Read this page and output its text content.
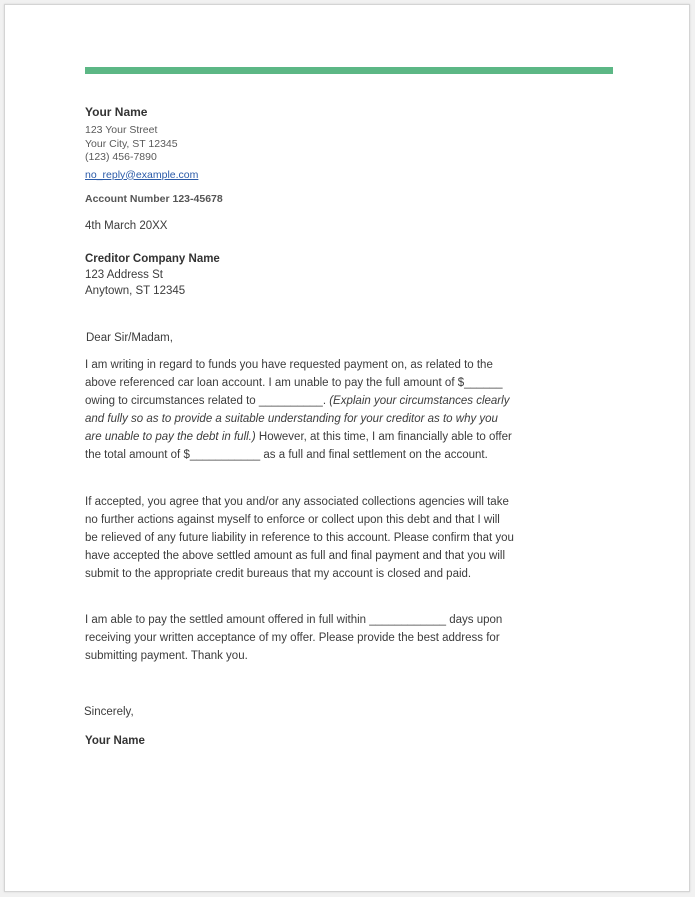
Your Name
123 Your Street
Your City, ST 12345
(123) 456-7890
no_reply@example.com
Account Number 123-45678
4th March 20XX
Creditor Company Name
123 Address St
Anytown, ST 12345
Dear Sir/Madam,
I am writing in regard to funds you have requested payment on, as related to the above referenced car loan account. I am unable to pay the full amount of $______ owing to circumstances related to __________. (Explain your circumstances clearly and fully so as to provide a suitable understanding for your creditor as to why you are unable to pay the debt in full.) However, at this time, I am financially able to offer the total amount of $___________ as a full and final settlement on the account.
If accepted, you agree that you and/or any associated collections agencies will take no further actions against myself to enforce or collect upon this debt and that I will be relieved of any future liability in reference to this account. Please confirm that you have accepted the above settled amount as full and final payment and that you will submit to the appropriate credit bureaus that my account is closed and paid.
I am able to pay the settled amount offered in full within ____________ days upon receiving your written acceptance of my offer. Please provide the best address for submitting payment. Thank you.
Sincerely,
Your Name
